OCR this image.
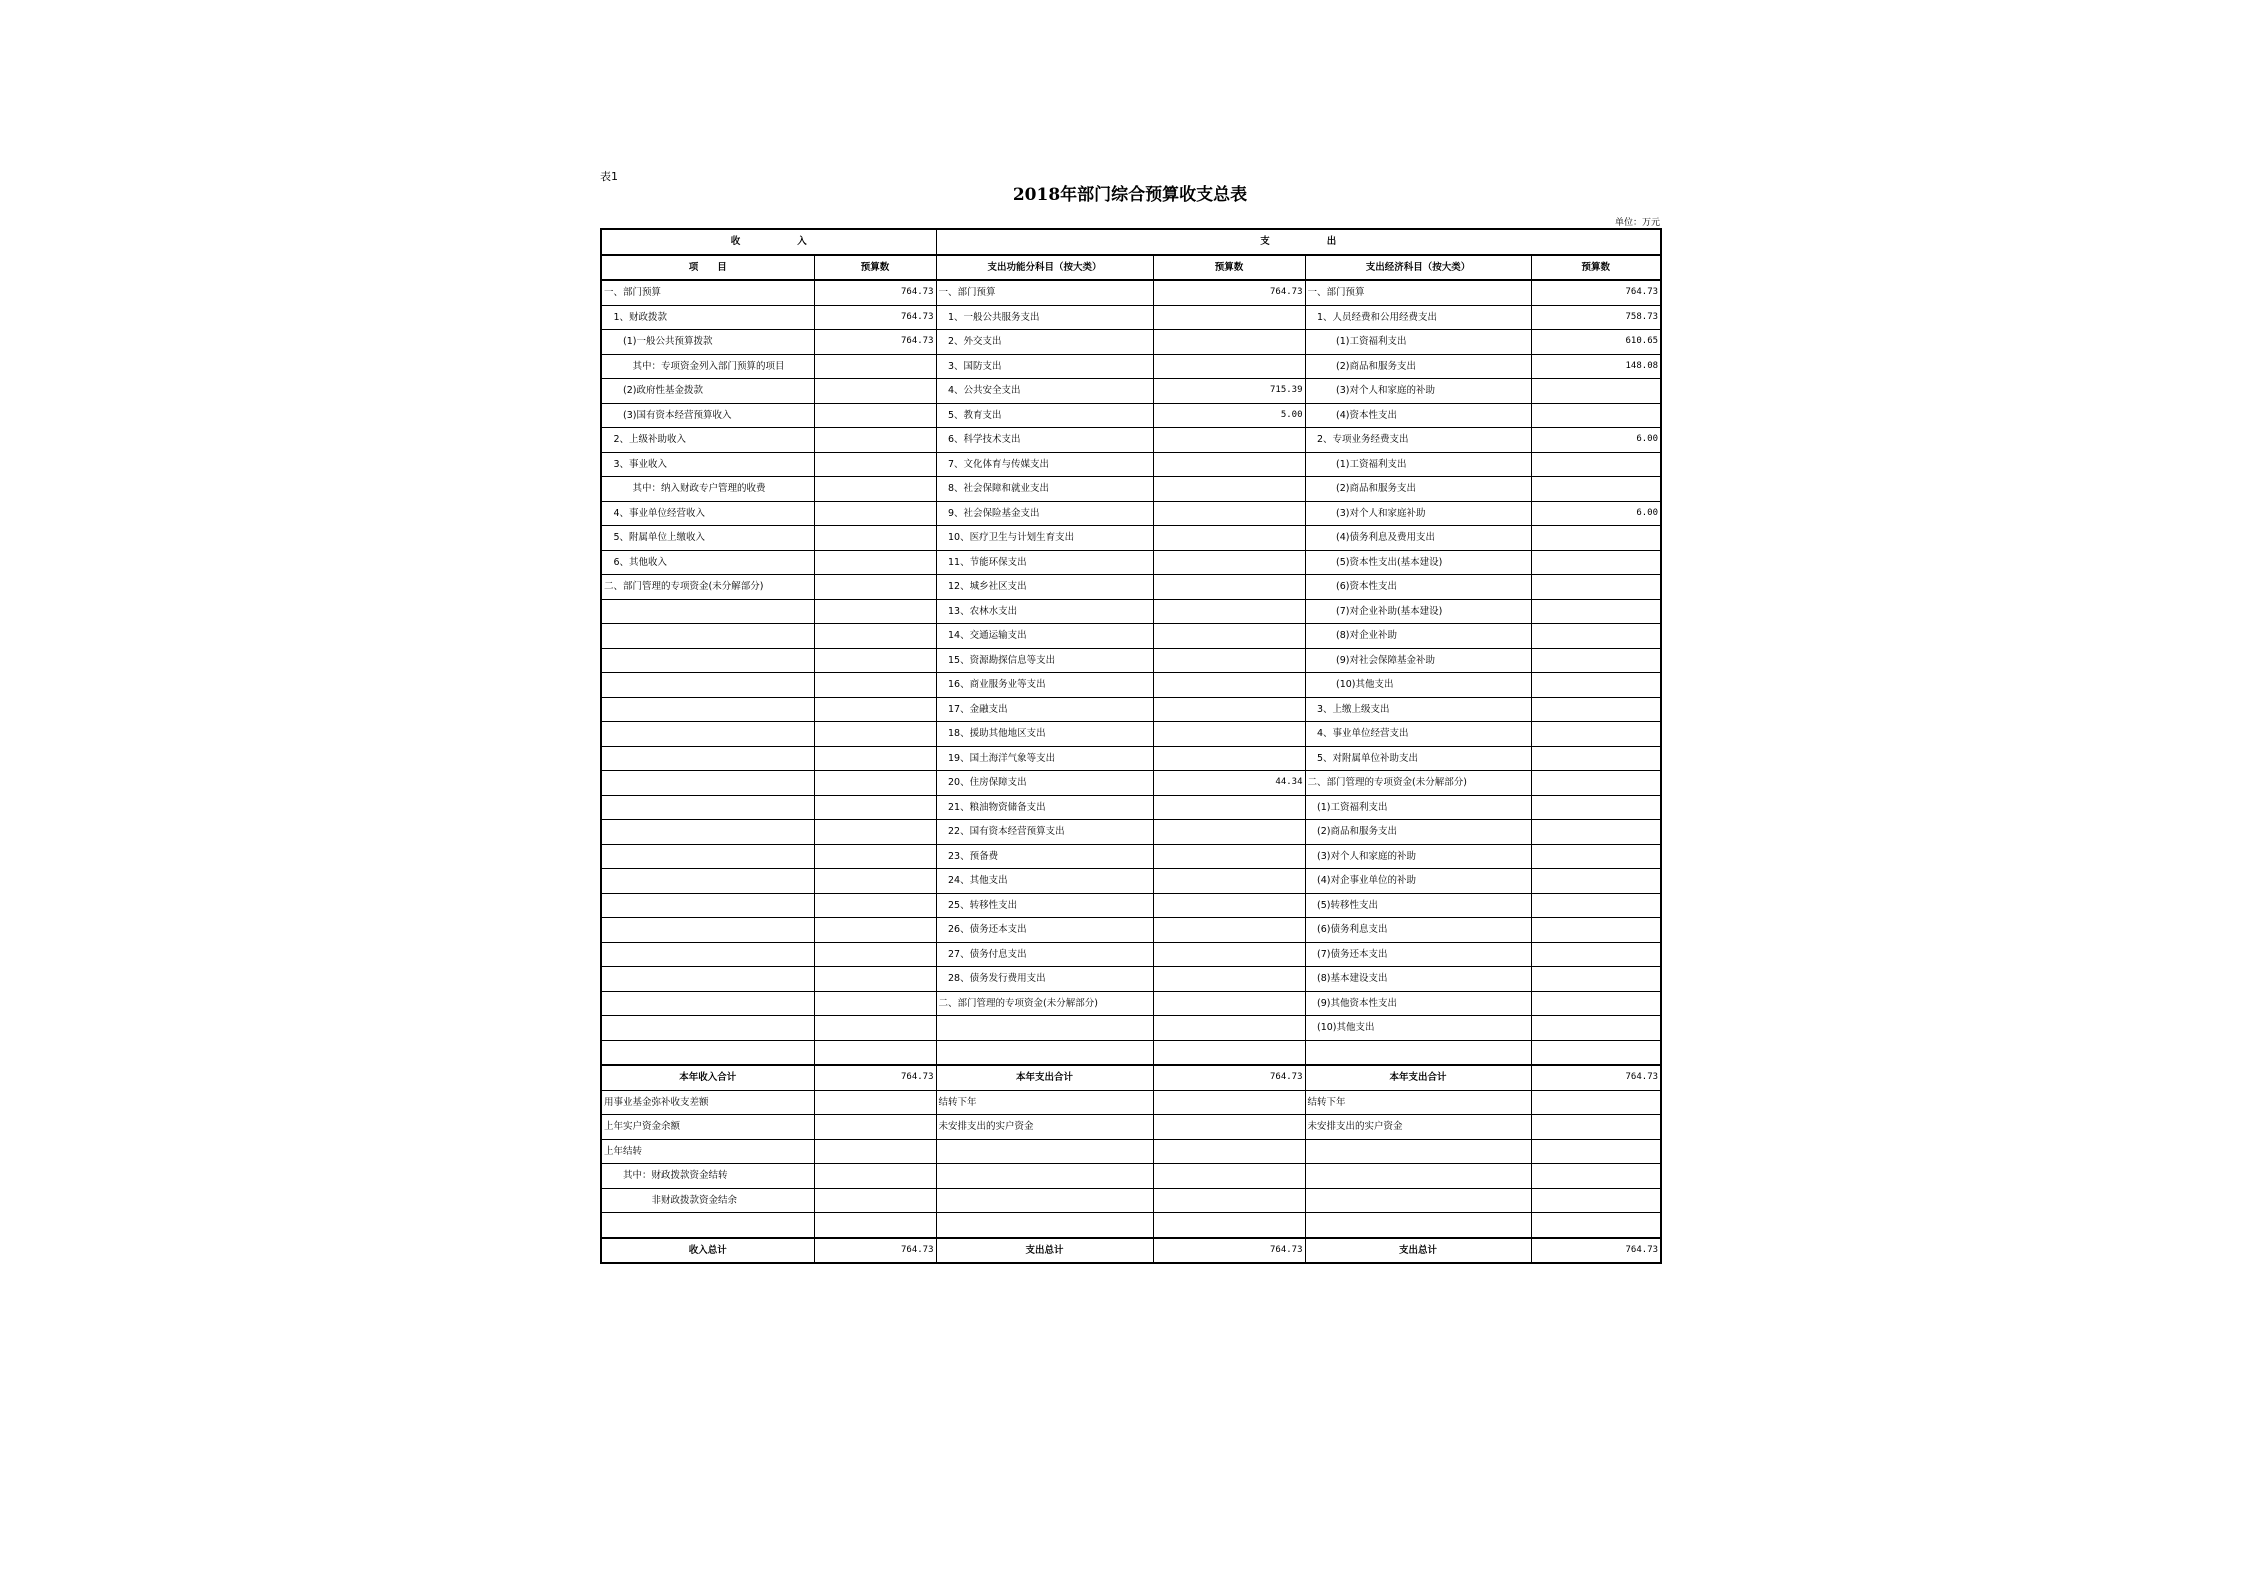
表1
2018年部门综合预算收支总表
单位：万元
收　　　　　　入		支　　　　　　出			
项　　目	预算数	支出功能分科目（按大类）	预算数	支出经济科目（按大类）	预算数
一、部门预算	764.73	一、部门预算	764.73	一、部门预算	764.73
　1、财政拨款	764.73	　1、一般公共服务支出		　1、人员经费和公用经费支出	758.73
　　(1)一般公共预算拨款	764.73	　2、外交支出		　　　(1)工资福利支出	610.65
　　　其中：专项资金列入部门预算的项目		　3、国防支出		　　　(2)商品和服务支出	148.08
　　(2)政府性基金拨款		　4、公共安全支出	715.39	　　　(3)对个人和家庭的补助	
　　(3)国有资本经营预算收入		　5、教育支出	5.00	　　　(4)资本性支出	
　2、上级补助收入		　6、科学技术支出		　2、专项业务经费支出	6.00
　3、事业收入		　7、文化体育与传媒支出		　　　(1)工资福利支出	
　　　其中：纳入财政专户管理的收费		　8、社会保障和就业支出		　　　(2)商品和服务支出	
　4、事业单位经营收入		　9、社会保险基金支出		　　　(3)对个人和家庭补助	6.00
　5、附属单位上缴收入		　10、医疗卫生与计划生育支出		　　　(4)债务利息及费用支出	
　6、其他收入		　11、节能环保支出		　　　(5)资本性支出(基本建设)	
二、部门管理的专项资金(未分解部分)		　12、城乡社区支出		　　　(6)资本性支出	
		　13、农林水支出		　　　(7)对企业补助(基本建设)	
		　14、交通运输支出		　　　(8)对企业补助	
		　15、资源勘探信息等支出		　　　(9)对社会保障基金补助	
		　16、商业服务业等支出		　　　(10)其他支出	
		　17、金融支出		　3、上缴上级支出	
		　18、援助其他地区支出		　4、事业单位经营支出	
		　19、国土海洋气象等支出		　5、对附属单位补助支出	
		　20、住房保障支出	44.34	二、部门管理的专项资金(未分解部分)	
		　21、粮油物资储备支出		　(1)工资福利支出	
		　22、国有资本经营预算支出		　(2)商品和服务支出	
		　23、预备费		　(3)对个人和家庭的补助	
		　24、其他支出		　(4)对企事业单位的补助	
		　25、转移性支出		　(5)转移性支出	
		　26、债务还本支出		　(6)债务利息支出	
		　27、债务付息支出		　(7)债务还本支出	
		　28、债务发行费用支出		　(8)基本建设支出	
		二、部门管理的专项资金(未分解部分)		　(9)其他资本性支出	
				　(10)其他支出	

本年收入合计	764.73	本年支出合计	764.73	本年支出合计	764.73
用事业基金弥补收支差额		结转下年		结转下年	
上年实户资金余额		未安排支出的实户资金		未安排支出的实户资金	
上年结转					
　　其中：财政拨款资金结转					
　　　　　非财政拨款资金结余					

收入总计	764.73	支出总计	764.73	支出总计	764.73
